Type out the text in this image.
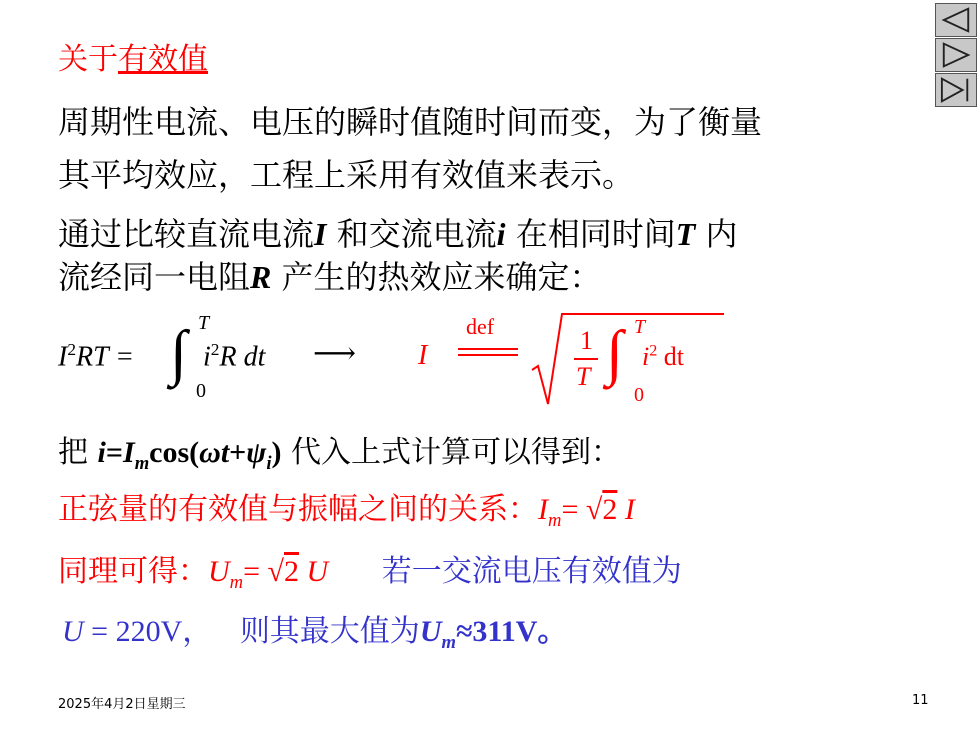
关于有效值
周期性电流、电压的瞬时值随时间而变，为了衡量
其平均效应，工程上采用有效值来表示。
通过比较直流电流I 和交流电流i 在相同时间T 内
流经同一电阻R 产生的热效应来确定：
$I^2RT$ = ∫ T
0
$i^2R$ dt ⟶ I
def	1
T ∫ T
0
$i^2$ dt
把 $i=I_m\cos(\omega t+\psi_i)$ 代入上式计算可以得到：
正弦量的有效值与振幅之间的关系：$I_m= √2$ I
同理可得：$U_m= √2$ U 若一交流电压有效值为
U = 220V， 则其最大值为$U_m\approx 311V$。
2025年4月2日星期三	11
